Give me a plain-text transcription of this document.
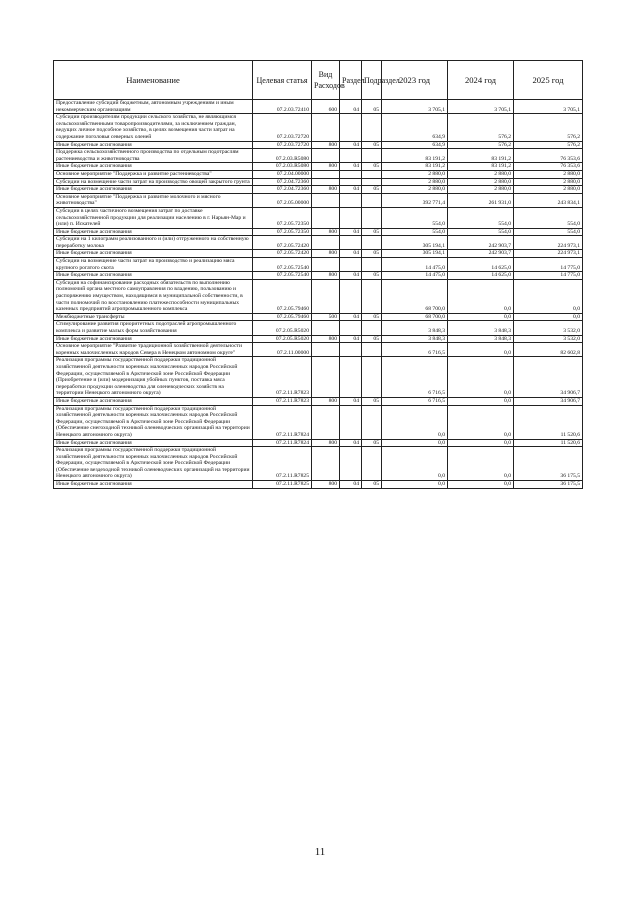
Наименование	Целевая статья	Вид Расходов	Раздел	Подраздел	2023 год	2024 год	2025 год
Предоставление субсидий бюджетным, автономным учреждениям и иным некоммерческим организациям	07.2.03.72410	600	04	05	3 705,1	3 705,1	3 705,1
Субсидии производителям продукции сельского хозяйства, не являющимся сельскохозяйственными товаропроизводителями, за исключением граждан, ведущих личное подсобное хозяйство, в целях возмещения части затрат на содержание поголовья северных оленей	07.2.03.72720				634,9	576,2	576,2
Иные бюджетные ассигнования	07.2.03.72720	800	04	05	634,9	576,2	576,2
Поддержка сельскохозяйственного производства по отдельным подотраслям растениеводства и животноводства	07.2.03.R5080				83 191,2	83 191,2	76 353,6
Иные бюджетные ассигнования	07.2.03.R5080	800	04	05	83 191,2	83 191,2	76 353,6
Основное мероприятие "Поддержка и развитие растениеводства"	07.2.04.00000				2 880,0	2 880,0	2 880,0
Субсидии на возмещение части затрат на производство овощей закрытого грунта	07.2.04.72360				2 880,0	2 880,0	2 880,0
Иные бюджетные ассигнования	07.2.04.72360	800	04	05	2 880,0	2 880,0	2 880,0
Основное мероприятие "Поддержка и развитие молочного и мясного животноводства"	07.2.05.00000				392 771,4	261 931,0	243 834,1
Субсидии в целях частичного возмещения затрат по доставке сельскохозяйственной продукции для реализации населению в г. Нарьян-Мар и (или) п. Искателей	07.2.05.72350				554,0	554,0	554,0
Иные бюджетные ассигнования	07.2.05.72350	800	04	05	554,0	554,0	554,0
Субсидии на 1 килограмм реализованного и (или) отгруженного на собственную переработку молока	07.2.05.72420				305 194,1	242 903,7	224 973,1
Иные бюджетные ассигнования	07.2.05.72420	800	04	05	305 194,1	242 903,7	224 973,1
Субсидии на возмещение части затрат на производство и реализацию мяса крупного рогатого скота	07.2.05.72540				14 475,0	14 625,0	14 775,0
Иные бюджетные ассигнования	07.2.05.72540	800	04	05	14 475,0	14 625,0	14 775,0
Субсидия на софинансирование расходных обязательств по выполнению полномочий органа местного самоуправления по владению, пользованию и распоряжению имуществом, находящимся в муниципальной собственности, в части полномочий по восстановлению платежеспособности муниципальных казенных предприятий агропромышленного комплекса	07.2.05.79460				68 700,0	0,0	0,0
Межбюджетные трансферты	07.2.05.79460	500	04	05	68 700,0	0,0	0,0
Стимулирование развития приоритетных подотраслей агропромышленного комплекса и развитие малых форм хозяйствования	07.2.05.R5020				3 848,3	3 848,3	3 532,0
Иные бюджетные ассигнования	07.2.05.R5020	800	04	05	3 848,3	3 848,3	3 532,0
Основное мероприятие "Развитие традиционной хозяйственной деятельности коренных малочисленных народов Севера в Ненецком автономном округе"	07.2.11.00000				6 716,5	0,0	82 602,8
Реализация программы государственной поддержки традиционной хозяйственной деятельности коренных малочисленных народов Российской Федерации, осуществляемой в Арктической зоне Российской Федерации (Приобретение и (или) модернизация убойных пунктов, поставка мяса переработки продукции оленеводства для оленеводческих хозяйств на территории Ненецкого автономного округа)	07.2.11.R7823				6 716,5	0,0	34 906,7
Иные бюджетные ассигнования	07.2.11.R7823	800	04	05	6 716,5	0,0	34 906,7
Реализация программы государственной поддержки традиционной хозяйственной деятельности коренных малочисленных народов Российской Федерации, осуществляемой в Арктической зоне Российской Федерации (Обеспечение снегоходной техникой оленеводческих организаций на территории Ненецкого автономного округа)	07.2.11.R7824				0,0	0,0	11 520,6
Иные бюджетные ассигнования	07.2.11.R7824	800	04	05	0,0	0,0	11 520,6
Реализация программы государственной поддержки традиционной хозяйственной деятельности коренных малочисленных народов Российской Федерации, осуществляемой в Арктической зоне Российской Федерации (Обеспечение вездеходной техникой оленеводческих организаций на территории Ненецкого автономного округа)	07.2.11.R7825				0,0	0,0	36 175,5
Иные бюджетные ассигнования	07.2.11.R7825	800	04	05	0,0	0,0	36 175,5
11
